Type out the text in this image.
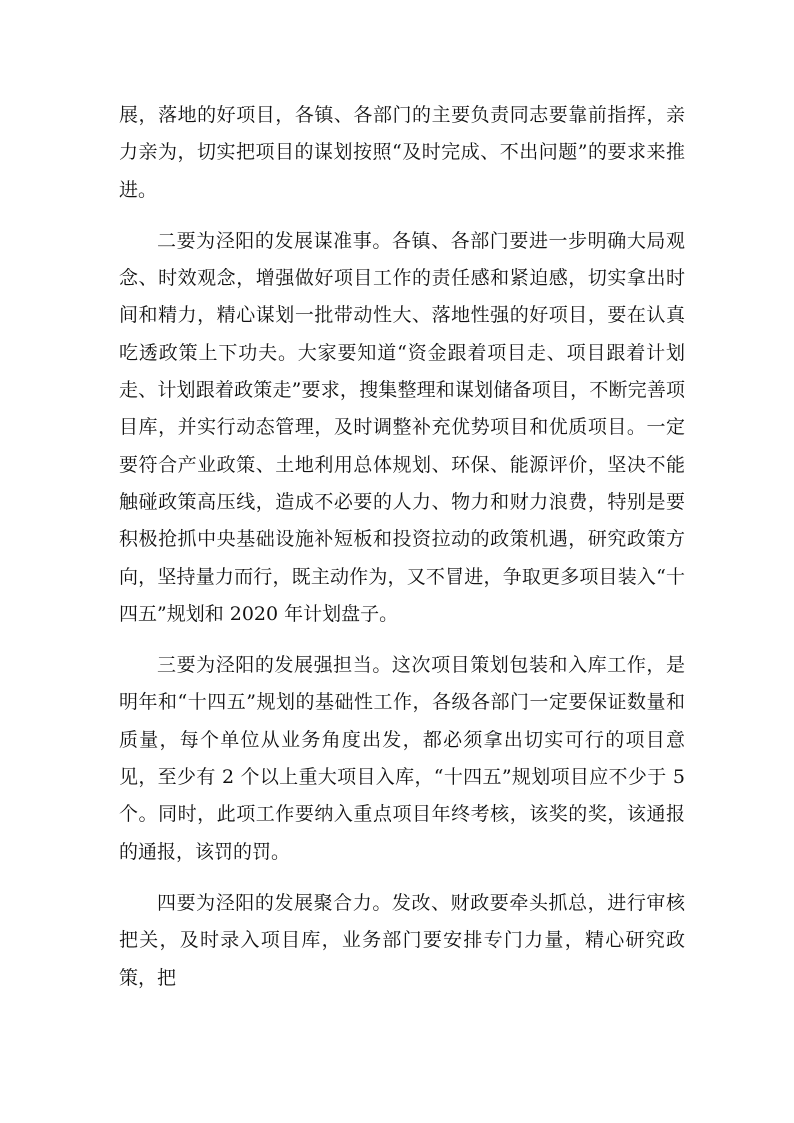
展，落地的好项目，各镇、各部门的主要负责同志要靠前指挥，亲力亲为，切实把项目的谋划按照“及时完成、不出问题”的要求来推进。

二要为泾阳的发展谋准事。各镇、各部门要进一步明确大局观念、时效观念，增强做好项目工作的责任感和紧迫感，切实拿出时间和精力，精心谋划一批带动性大、落地性强的好项目，要在认真吃透政策上下功夫。大家要知道“资金跟着项目走、项目跟着计划走、计划跟着政策走”要求，搜集整理和谋划储备项目，不断完善项目库，并实行动态管理，及时调整补充优势项目和优质项目。一定要符合产业政策、土地利用总体规划、环保、能源评价，坚决不能触碰政策高压线，造成不必要的人力、物力和财力浪费，特别是要积极抢抓中央基础设施补短板和投资拉动的政策机遇，研究政策方向，坚持量力而行，既主动作为，又不冒进，争取更多项目装入“十四五”规划和 2020 年计划盘子。

三要为泾阳的发展强担当。这次项目策划包装和入库工作，是明年和“十四五”规划的基础性工作，各级各部门一定要保证数量和质量，每个单位从业务角度出发，都必须拿出切实可行的项目意见，至少有 2 个以上重大项目入库，“十四五”规划项目应不少于 5 个。同时，此项工作要纳入重点项目年终考核，该奖的奖，该通报的通报，该罚的罚。

四要为泾阳的发展聚合力。发改、财政要牵头抓总，进行审核把关，及时录入项目库，业务部门要安排专门力量，精心研究政策，把
